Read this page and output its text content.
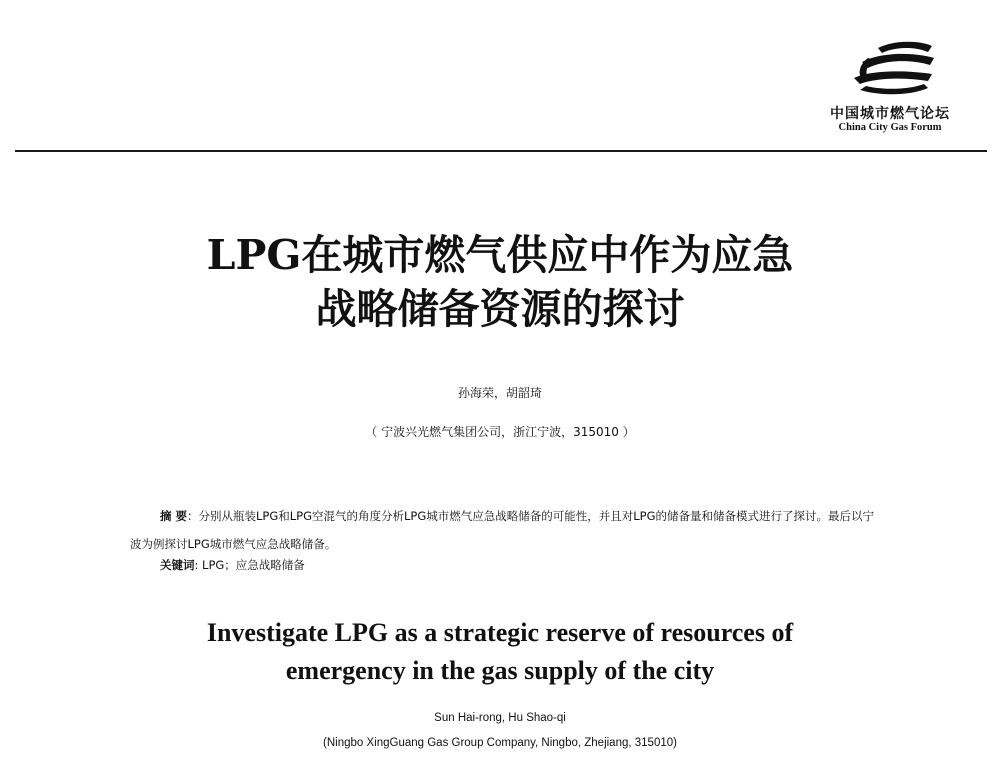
中国城市燃气论坛
China City Gas Forum
LPG在城市燃气供应中作为应急
战略储备资源的探讨
孙海荣，胡韶琦
（ 宁波兴光燃气集团公司，浙江宁波，315010 ）
摘 要：分别从瓶装LPG和LPG空混气的角度分析LPG城市燃气应急战略储备的可能性，并且对LPG的储备量和储备模式进行了探讨。最后以宁波为例探讨LPG城市燃气应急战略储备。
关键词: LPG；应急战略储备
Investigate LPG as a strategic reserve of resources of
emergency in the gas supply of the city
Sun Hai-rong, Hu Shao-qi
(Ningbo XingGuang Gas Group Company, Ningbo, Zhejiang, 315010)
